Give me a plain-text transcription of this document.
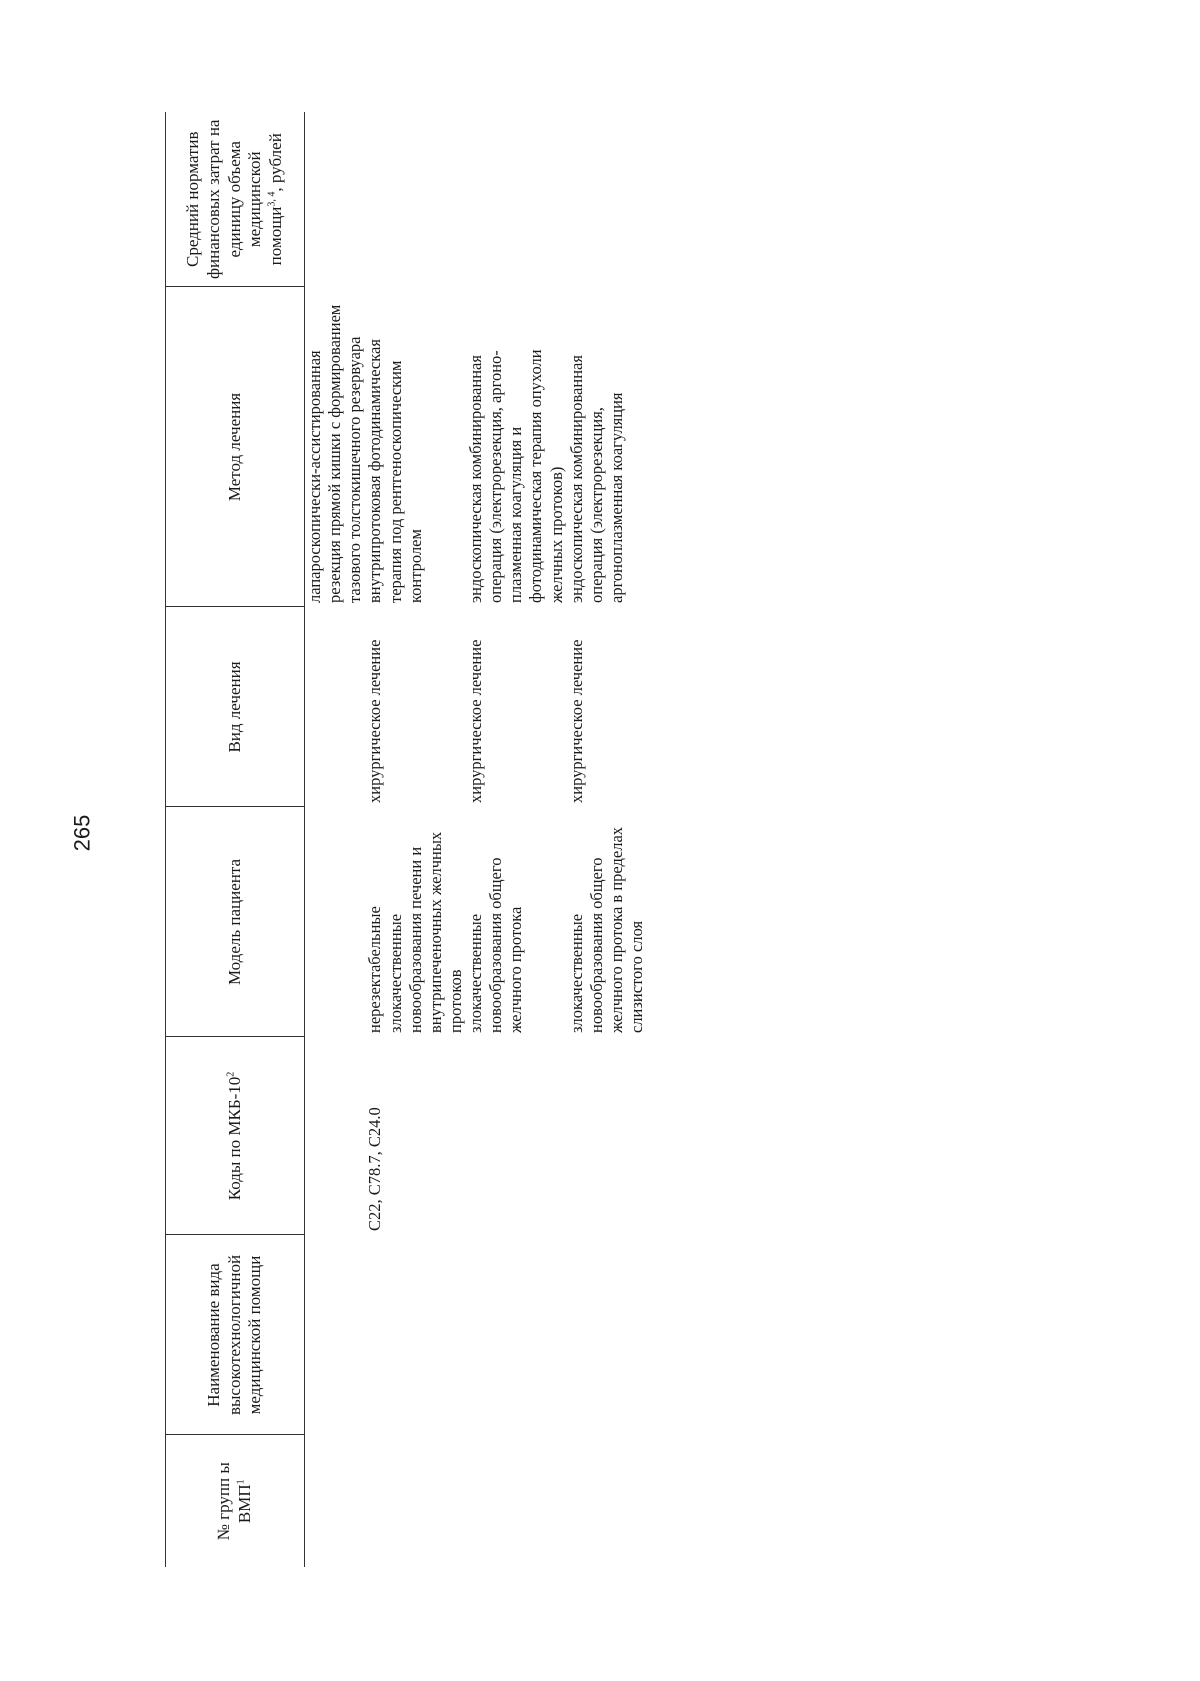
265
№ групп ы ВМП$^1$	Наименование вида высокотехнологичной медицинской помощи	Коды по МКБ-$10^2$	Модель пациента	Вид лечения	Метод лечения	Средний норматив финансовых затрат на единицу объема медицинской помощи$^{3, 4}$, рублей
					лапароскопически-ассистированная резекция прямой кишки с формированием тазового толстокишечного резервуара	
		C22, C78.7, C24.0	нерезектабельные злокачественные новообразования печени и внутрипеченочных желчных протоков	хирургическое лечение	внутрипротоковая фотодинамическая терапия под рентгеноскопическим контролем	
			злокачественные новообразования общего желчного протока	хирургическое лечение	эндоскопическая комбинированная операция (электрорезекция, аргоно-плазменная коагуляция и фотодинамическая терапия опухоли желчных протоков)	
			злокачественные новообразования общего желчного протока в пределах слизистого слоя	хирургическое лечение	эндоскопическая комбинированная операция (электрорезекция, аргоноплазменная коагуляция	
